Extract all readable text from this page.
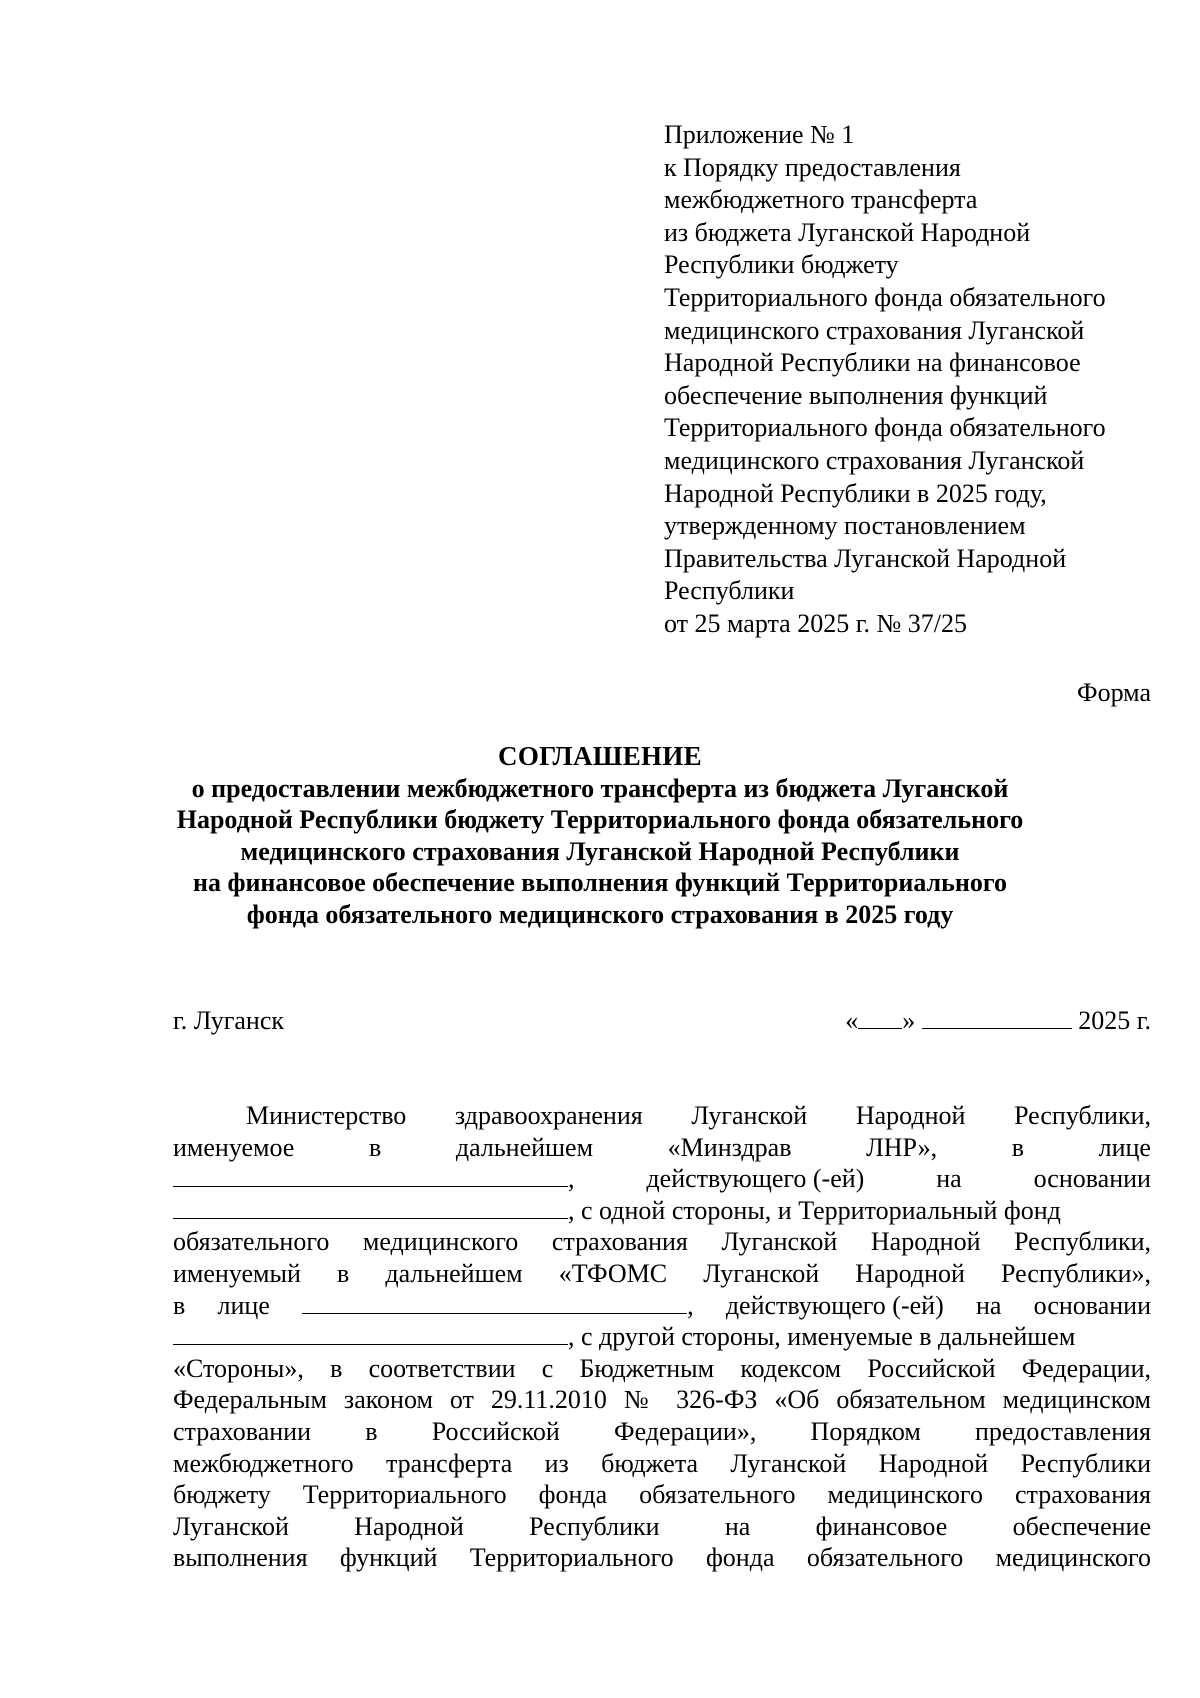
Приложение № 1
к Порядку предоставления
межбюджетного трансферта
из бюджета Луганской Народной
Республики бюджету
Территориального фонда обязательного
медицинского страхования Луганской
Народной Республики на финансовое
обеспечение выполнения функций
Территориального фонда обязательного
медицинского страхования Луганской
Народной Республики в 2025 году,
утвержденному постановлением
Правительства Луганской Народной
Республики
от 25 марта 2025 г. № 37/25
Форма
СОГЛАШЕНИЕ
о предоставлении межбюджетного трансферта из бюджета Луганской
Народной Республики бюджету Территориального фонда обязательного
медицинского страхования Луганской Народной Республики
на финансовое обеспечение выполнения функций Территориального
фонда обязательного медицинского страхования в 2025 году
г. Луганск	« »	2025 г.
Министерство здравоохранения Луганской Народной Республики,
именуемое	в	дальнейшем	«Минздрав	ЛНР»,	в	лице
,	действующего (-ей)	на	основании
, с одной стороны, и Территориальный фонд
обязательного медицинского страхования Луганской Народной Республики,
именуемый в дальнейшем «ТФОМС Луганской Народной Республики»,
в лице	, действующего (-ей) на основании
, с другой стороны, именуемые в дальнейшем
«Стороны», в соответствии с Бюджетным кодексом Российской Федерации,
Федеральным законом от 29.11.2010 № 326-ФЗ «Об обязательном медицинском
страховании в Российской Федерации», Порядком предоставления
межбюджетного трансферта из бюджета Луганской Народной Республики
бюджету Территориального фонда обязательного медицинского страхования
Луганской Народной Республики на финансовое обеспечение
выполнения функций Территориального фонда обязательного медицинского
